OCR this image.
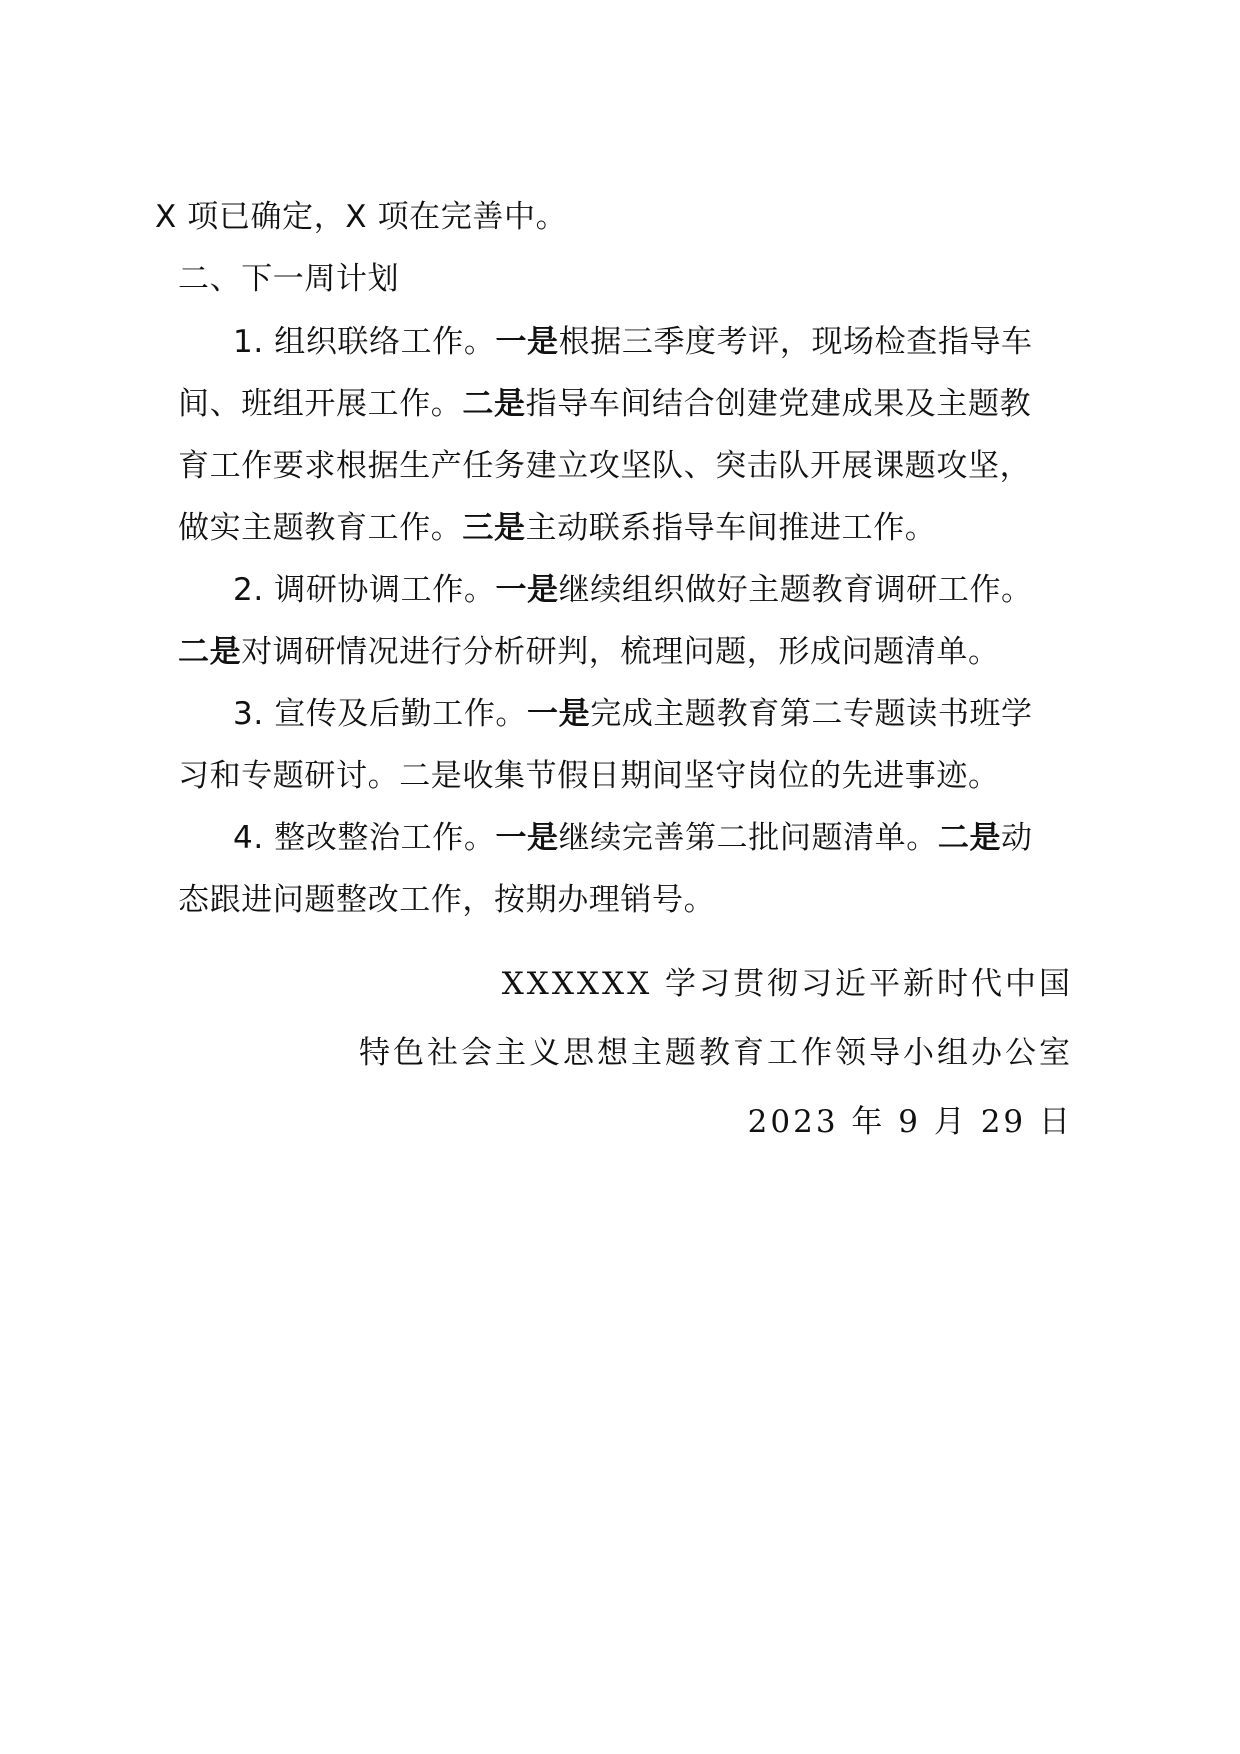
X 项已确定，X 项在完善中。
二、下一周计划
1. 组织联络工作。一是根据三季度考评，现场检查指导车
间、班组开展工作。二是指导车间结合创建党建成果及主题教
育工作要求根据生产任务建立攻坚队、突击队开展课题攻坚，
做实主题教育工作。三是主动联系指导车间推进工作。
2. 调研协调工作。一是继续组织做好主题教育调研工作。
二是对调研情况进行分析研判，梳理问题，形成问题清单。
3. 宣传及后勤工作。一是完成主题教育第二专题读书班学
习和专题研讨。二是收集节假日期间坚守岗位的先进事迹。
4. 整改整治工作。一是继续完善第二批问题清单。二是动
态跟进问题整改工作，按期办理销号。
XXXXXX 学习贯彻习近平新时代中国
特色社会主义思想主题教育工作领导小组办公室
2023 年 9 月 29 日
